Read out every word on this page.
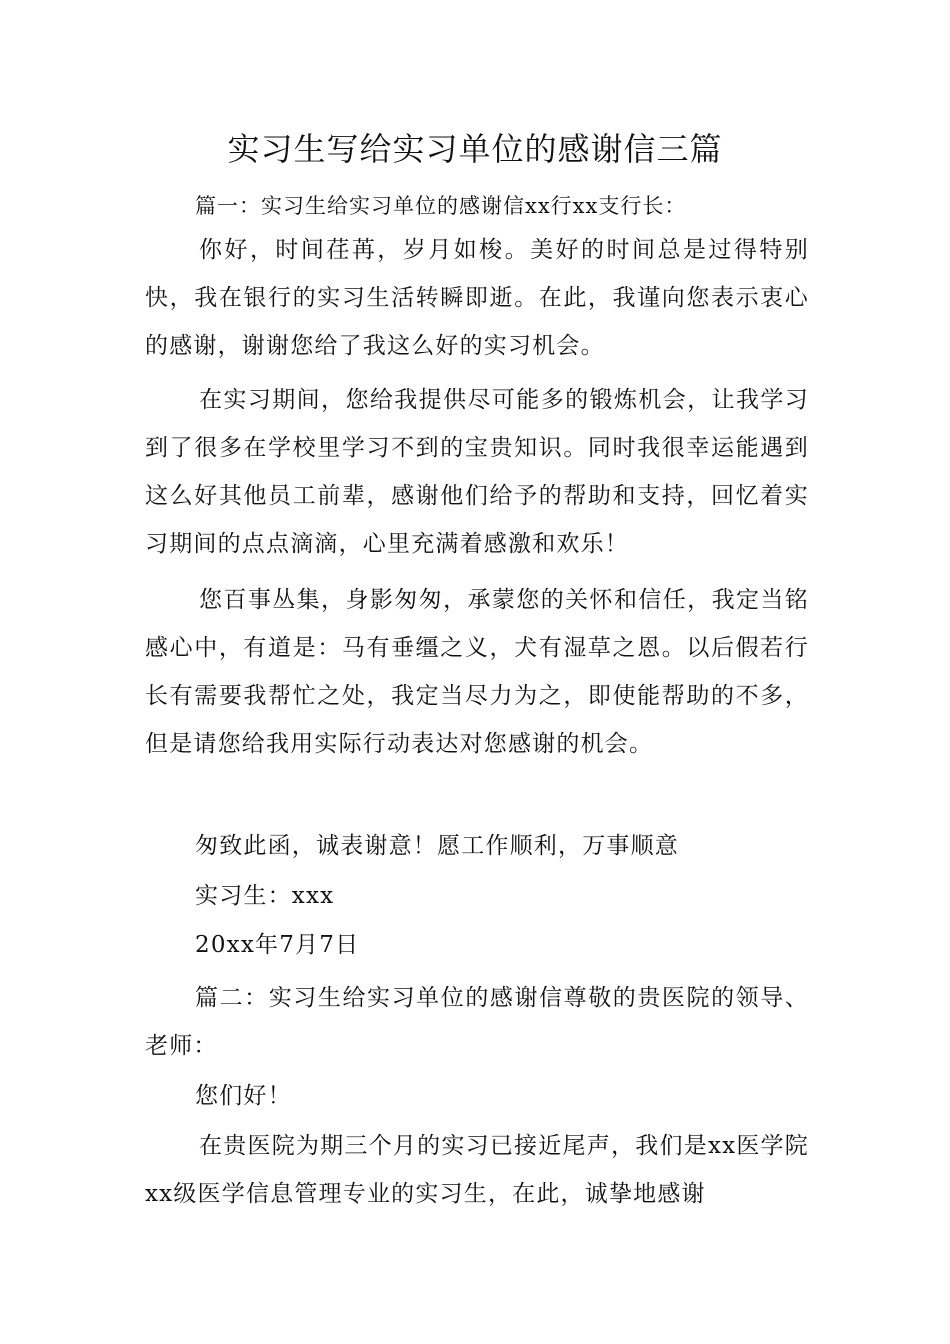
实习生写给实习单位的感谢信三篇

篇一：实习生给实习单位的感谢信xx行xx支行长：

你好，时间荏苒，岁月如梭。美好的时间总是过得特别快，我在银行的实习生活转瞬即逝。在此，我谨向您表示衷心的感谢，谢谢您给了我这么好的实习机会。

在实习期间，您给我提供尽可能多的锻炼机会，让我学习到了很多在学校里学习不到的宝贵知识。同时我很幸运能遇到这么好其他员工前辈，感谢他们给予的帮助和支持，回忆着实习期间的点点滴滴，心里充满着感激和欢乐！

您百事丛集，身影匆匆，承蒙您的关怀和信任，我定当铭感心中，有道是：马有垂缰之义，犬有湿草之恩。以后假若行长有需要我帮忙之处，我定当尽力为之，即使能帮助的不多，但是请您给我用实际行动表达对您感谢的机会。

匆致此函，诚表谢意！愿工作顺利，万事顺意

实习生：xxx

20xx年7月7日

篇二：实习生给实习单位的感谢信尊敬的贵医院的领导、老师：

您们好！

在贵医院为期三个月的实习已接近尾声，我们是xx医学院xx级医学信息管理专业的实习生，在此，诚挚地感谢
